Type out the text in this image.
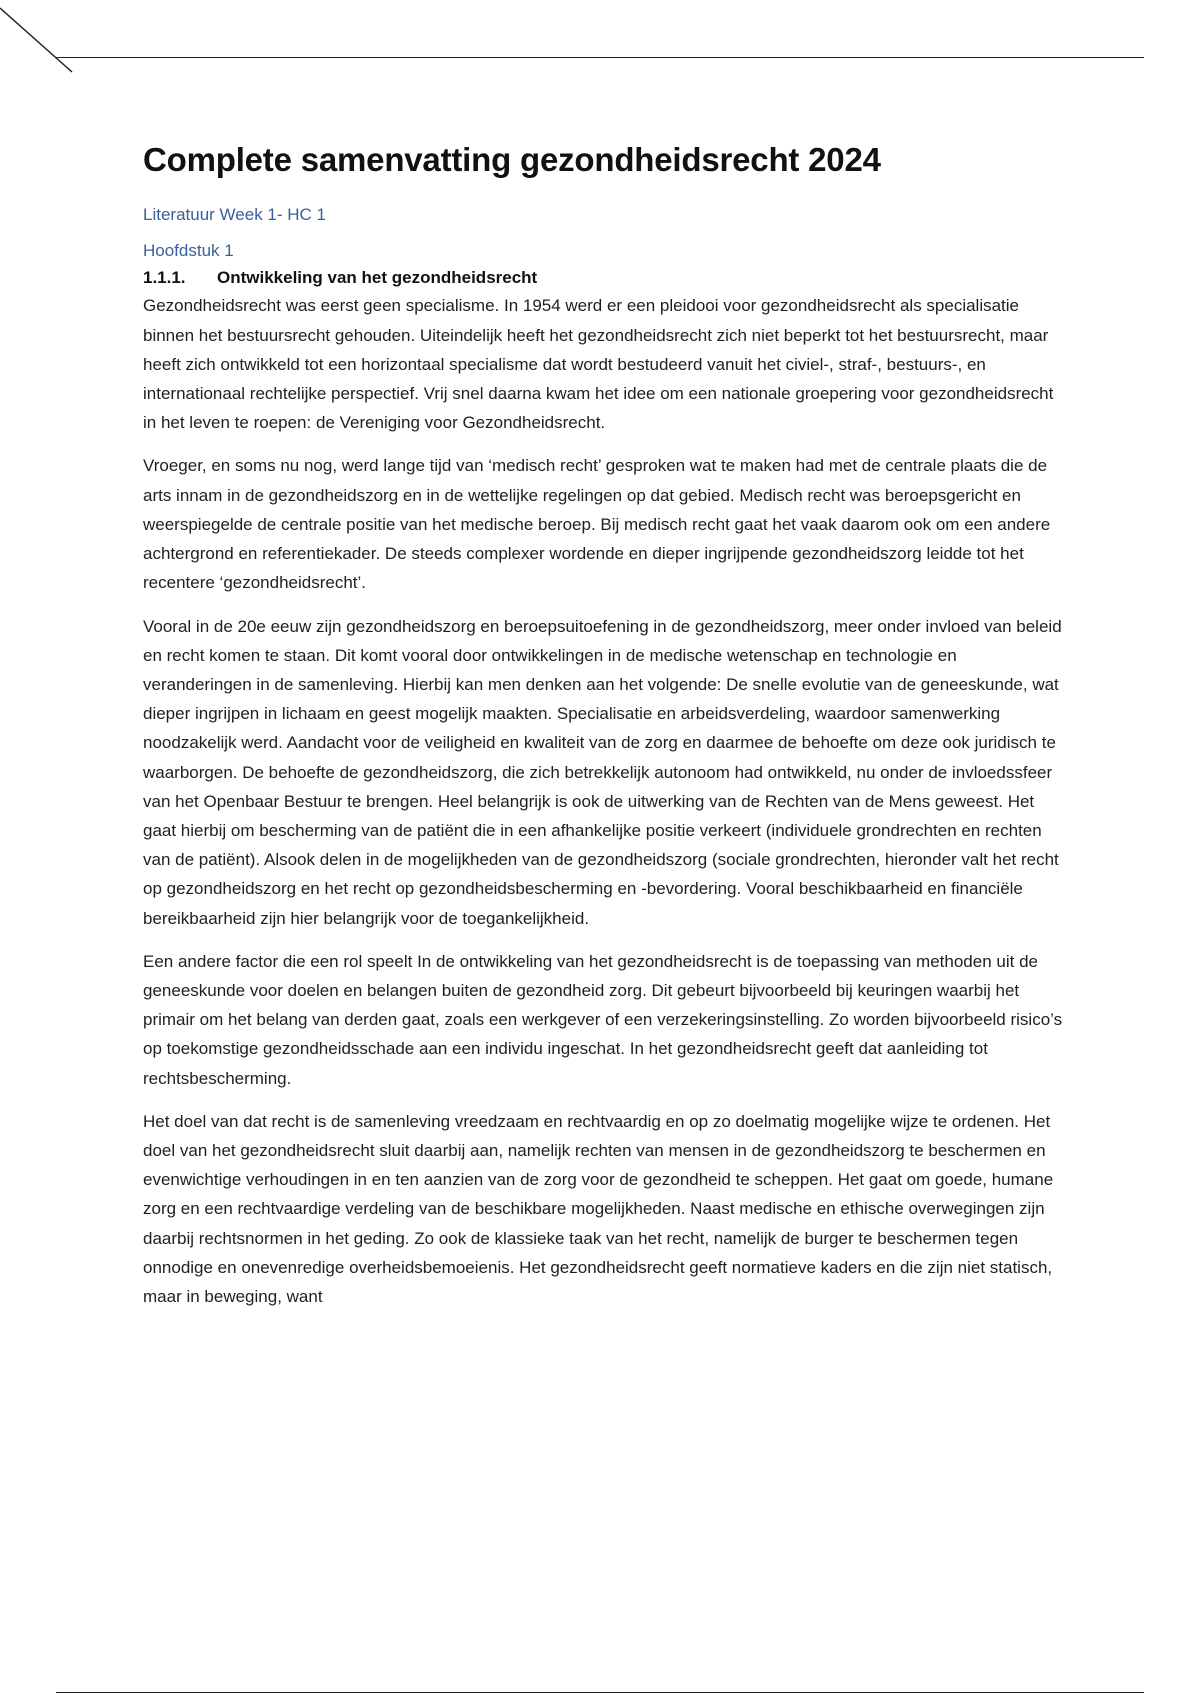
Complete samenvatting gezondheidsrecht 2024

Literatuur Week 1- HC 1

Hoofdstuk 1

1.1.1. Ontwikkeling van het gezondheidsrecht

Gezondheidsrecht was eerst geen specialisme. In 1954 werd er een pleidooi voor gezondheidsrecht als specialisatie binnen het bestuursrecht gehouden. Uiteindelijk heeft het gezondheidsrecht zich niet beperkt tot het bestuursrecht, maar heeft zich ontwikkeld tot een horizontaal specialisme dat wordt bestudeerd vanuit het civiel-, straf-, bestuurs-, en internationaal rechtelijke perspectief. Vrij snel daarna kwam het idee om een nationale groepering voor gezondheidsrecht in het leven te roepen: de Vereniging voor Gezondheidsrecht.

Vroeger, en soms nu nog, werd lange tijd van ‘medisch recht’ gesproken wat te maken had met de centrale plaats die de arts innam in de gezondheidszorg en in de wettelijke regelingen op dat gebied. Medisch recht was beroepsgericht en weerspiegelde de centrale positie van het medische beroep. Bij medisch recht gaat het vaak daarom ook om een andere achtergrond en referentiekader. De steeds complexer wordende en dieper ingrijpende gezondheidszorg leidde tot het recentere ‘gezondheidsrecht’.

Vooral in de 20e eeuw zijn gezondheidszorg en beroepsuitoefening in de gezondheidszorg, meer onder invloed van beleid en recht komen te staan. Dit komt vooral door ontwikkelingen in de medische wetenschap en technologie en veranderingen in de samenleving. Hierbij kan men denken aan het volgende: De snelle evolutie van de geneeskunde, wat dieper ingrijpen in lichaam en geest mogelijk maakten. Specialisatie en arbeidsverdeling, waardoor samenwerking noodzakelijk werd. Aandacht voor de veiligheid en kwaliteit van de zorg en daarmee de behoefte om deze ook juridisch te waarborgen. De behoefte de gezondheidszorg, die zich betrekkelijk autonoom had ontwikkeld, nu onder de invloedssfeer van het Openbaar Bestuur te brengen. Heel belangrijk is ook de uitwerking van de Rechten van de Mens geweest. Het gaat hierbij om bescherming van de patiënt die in een afhankelijke positie verkeert (individuele grondrechten en rechten van de patiënt). Alsook delen in de mogelijkheden van de gezondheidszorg (sociale grondrechten, hieronder valt het recht op gezondheidszorg en het recht op gezondheidsbescherming en -bevordering. Vooral beschikbaarheid en financiële bereikbaarheid zijn hier belangrijk voor de toegankelijkheid.

Een andere factor die een rol speelt In de ontwikkeling van het gezondheidsrecht is de toepassing van methoden uit de geneeskunde voor doelen en belangen buiten de gezondheid zorg. Dit gebeurt bijvoorbeeld bij keuringen waarbij het primair om het belang van derden gaat, zoals een werkgever of een verzekeringsinstelling. Zo worden bijvoorbeeld risico’s op toekomstige gezondheidsschade aan een individu ingeschat. In het gezondheidsrecht geeft dat aanleiding tot rechtsbescherming.

Het doel van dat recht is de samenleving vreedzaam en rechtvaardig en op zo doelmatig mogelijke wijze te ordenen. Het doel van het gezondheidsrecht sluit daarbij aan, namelijk rechten van mensen in de gezondheidszorg te beschermen en evenwichtige verhoudingen in en ten aanzien van de zorg voor de gezondheid te scheppen. Het gaat om goede, humane zorg en een rechtvaardige verdeling van de beschikbare mogelijkheden. Naast medische en ethische overwegingen zijn daarbij rechtsnormen in het geding. Zo ook de klassieke taak van het recht, namelijk de burger te beschermen tegen onnodige en onevenredige overheidsbemoeienis. Het gezondheidsrecht geeft normatieve kaders en die zijn niet statisch, maar in beweging, want
